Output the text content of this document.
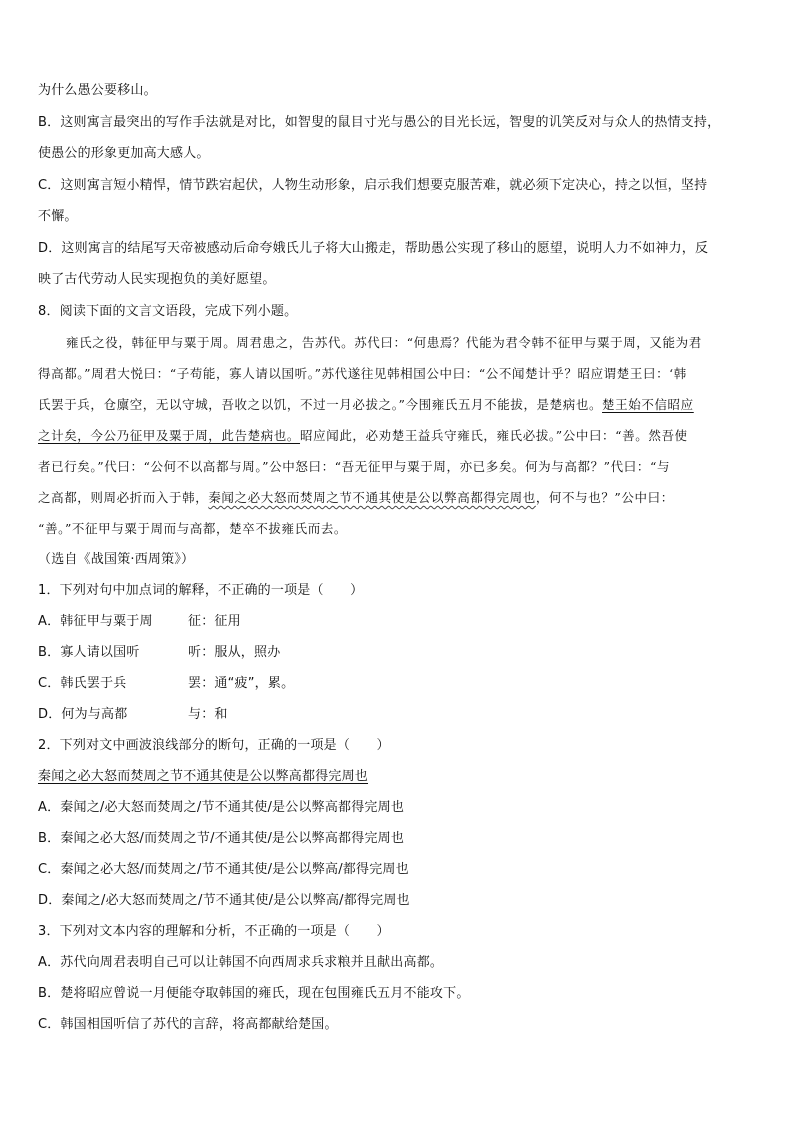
为什么愚公要移山。
B．这则寓言最突出的写作手法就是对比，如智叟的鼠目寸光与愚公的目光长远，智叟的讥笑反对与众人的热情支持，
使愚公的形象更加高大感人。
C．这则寓言短小精悍，情节跌宕起伏，人物生动形象，启示我们想要克服苦难，就必须下定决心，持之以恒，坚持
不懈。
D．这则寓言的结尾写天帝被感动后命夸娥氏儿子将大山搬走，帮助愚公实现了移山的愿望，说明人力不如神力，反
映了古代劳动人民实现抱负的美好愿望。
8．阅读下面的文言文语段，完成下列小题。
雍氏之役，韩征甲与粟于周。周君患之，告苏代。苏代曰：“何患焉？代能为君令韩不征甲与粟于周，又能为君
得高都。”周君大悦曰：“子苟能，寡人请以国听。”苏代遂往见韩相国公中曰：“公不闻楚计乎？昭应谓楚王曰：‘韩
氏罢于兵，仓廪空，无以守城，吾收之以饥，不过一月必拔之。”今围雍氏五月不能拔，是楚病也。楚王始不信昭应
之计矣，今公乃征甲及粟于周，此告楚病也。昭应闻此，必劝楚王益兵守雍氏，雍氏必拔。”公中曰：“善。然吾使
者已行矣。”代曰：“公何不以高都与周。”公中怒曰：“吾无征甲与粟于周，亦已多矣。何为与高都？”代曰：“与
之高都，则周必折而入于韩，秦闻之必大怒而焚周之节不通其使是公以弊高都得完周也，何不与也？”公中曰：
“善。”不征甲与粟于周而与高都，楚卒不拔雍氏而去。
（选自《战国策·西周策》）
1．下列对句中加点词的解释，不正确的一项是（　　）
A．韩征甲与粟于周	征：征用
B．寡人请以国听	听：服从，照办
C．韩氏罢于兵	罢：通“疲”，累。
D．何为与高都	与：和
2．下列对文中画波浪线部分的断句，正确的一项是（　　）
秦闻之必大怒而焚周之节不通其使是公以弊高都得完周也
A．秦闻之/必大怒而焚周之/节不通其使/是公以弊高都得完周也
B．秦闻之必大怒/而焚周之节/不通其使/是公以弊高都得完周也
C．秦闻之必大怒/而焚周之/节不通其使/是公以弊高/都得完周也
D．秦闻之/必大怒而焚周之/节不通其使/是公以弊高/都得完周也
3．下列对文本内容的理解和分析，不正确的一项是（　　）
A．苏代向周君表明自己可以让韩国不向西周求兵求粮并且献出高都。
B．楚将昭应曾说一月便能夺取韩国的雍氏，现在包围雍氏五月不能攻下。
C．韩国相国听信了苏代的言辞，将高都献给楚国。
